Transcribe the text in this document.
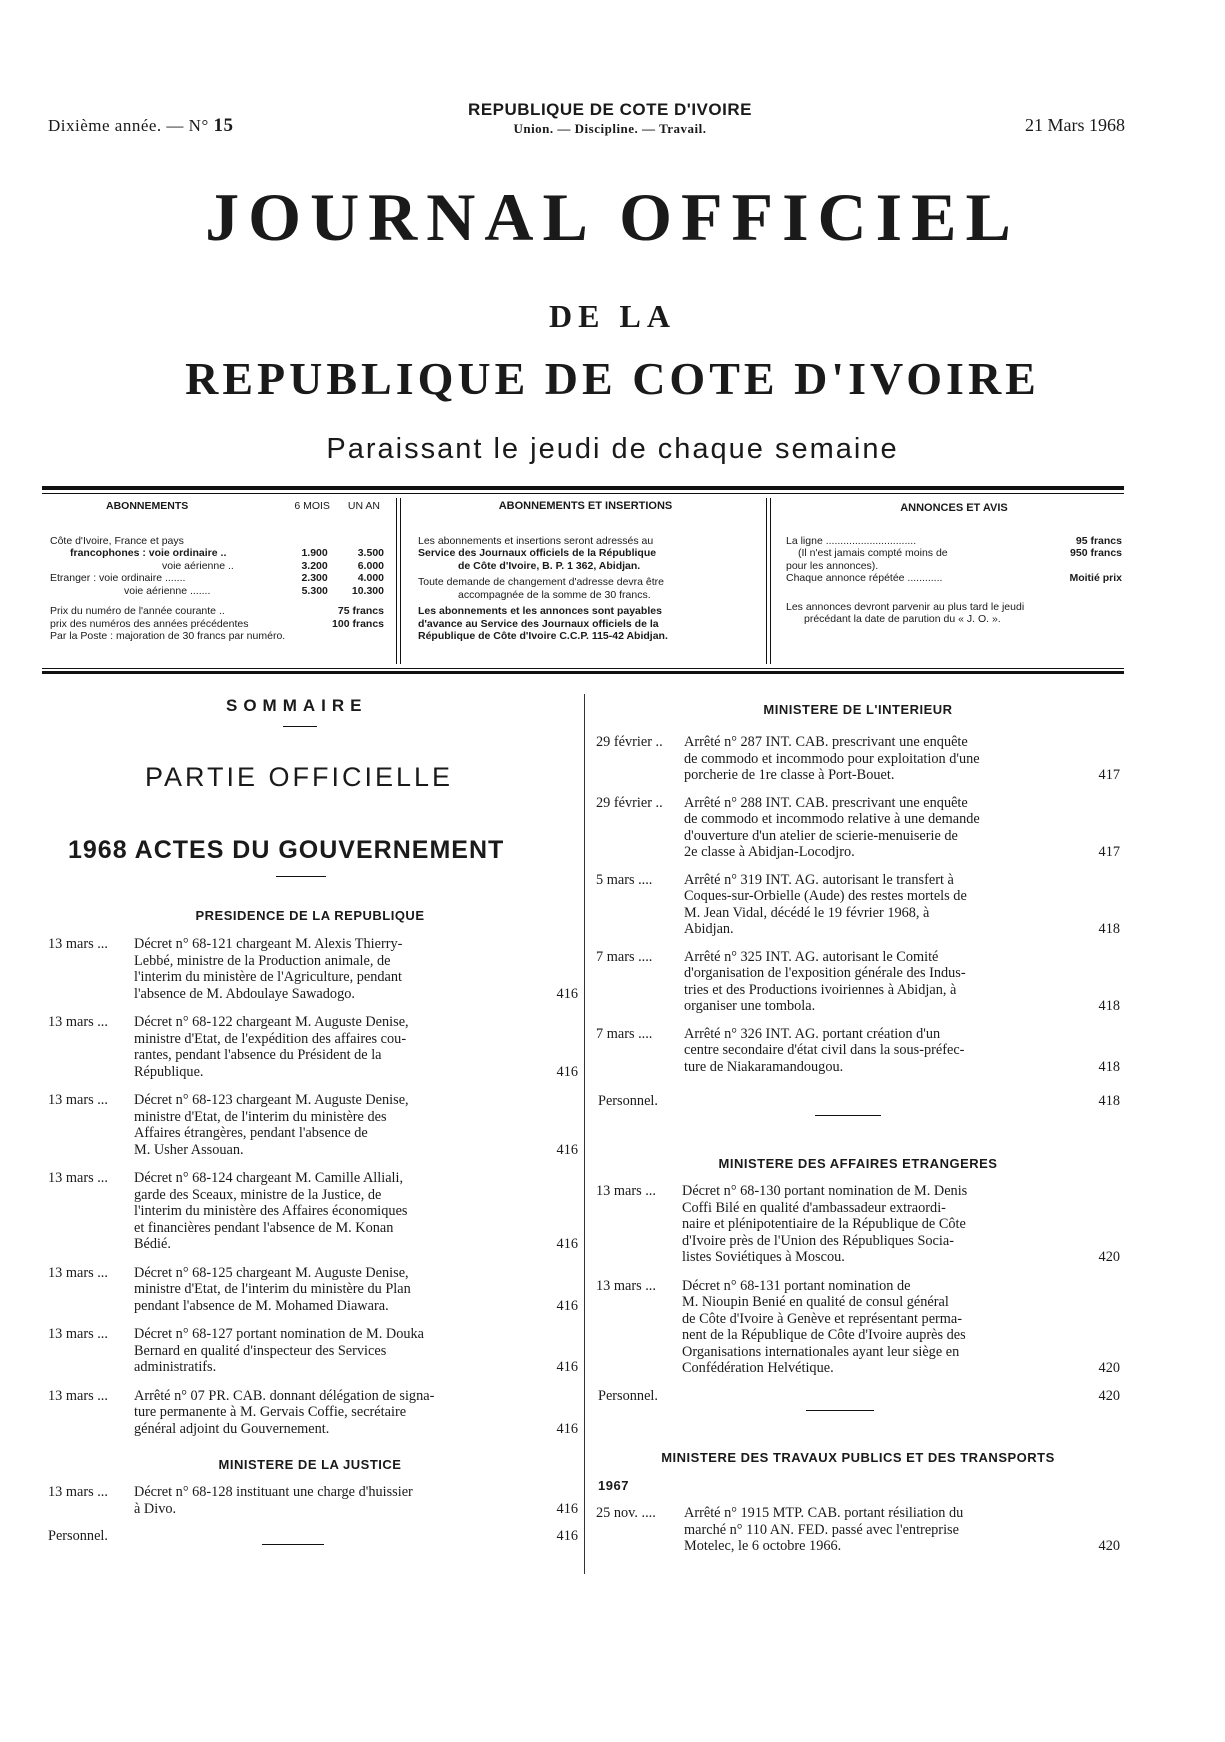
Dixième année. — N° 15
REPUBLIQUE DE COTE D'IVOIRE
Union. — Discipline. — Travail.	21 Mars 1968
JOURNAL OFFICIEL
DE LA
REPUBLIQUE DE COTE D'IVOIRE
Paraissant le jeudi de chaque semaine
ABONNEMENTS	6 MOIS UN AN
Côte d'Ivoire, France et pays
francophones : voie ordinaire ..	1.900	3.500
voie aérienne ..	3.200	6.000
Etranger : voie ordinaire .......	2.300	4.000
voie aérienne .......	5.300 10.300
Prix du numéro de l'année courante ..	75 francs
prix des numéros des années précédentes	100 francs
Par la Poste : majoration de 30 francs par numéro.
ABONNEMENTS ET INSERTIONS
Les abonnements et insertions seront adressés au
Service des Journaux officiels de la République
de Côte d'Ivoire, B. P. 1 362, Abidjan.
Toute demande de changement d'adresse devra être
accompagnée de la somme de 30 francs.
Les abonnements et les annonces sont payables
d'avance au Service des Journaux officiels de la
République de Côte d'Ivoire C.C.P. 115-42 Abidjan.
ANNONCES ET AVIS
La ligne ...............................	95 francs
(Il n'est jamais compté moins de	950 francs
pour les annonces).
Chaque annonce répétée ............	Moitié prix
Les annonces devront parvenir au plus tard le jeudi
précédant la date de parution du « J. O. ».
SOMMAIRE
PARTIE OFFICIELLE
1968 ACTES DU GOUVERNEMENT
PRESIDENCE DE LA REPUBLIQUE
13 mars ... Décret n° 68-121 chargeant M. Alexis Thierry-
Lebbé, ministre de la Production animale, de
l'interim du ministère de l'Agriculture, pendant
l'absence de M. Abdoulaye Sawadogo.	416
13 mars ... Décret n° 68-122 chargeant M. Auguste Denise,
ministre d'Etat, de l'expédition des affaires cou-
rantes, pendant l'absence du Président de la
République.	416
13 mars ... Décret n° 68-123 chargeant M. Auguste Denise,
ministre d'Etat, de l'interim du ministère des
Affaires étrangères, pendant l'absence de
M. Usher Assouan.	416
13 mars ... Décret n° 68-124 chargeant M. Camille Alliali,
garde des Sceaux, ministre de la Justice, de
l'interim du ministère des Affaires économiques
et financières pendant l'absence de M. Konan
Bédié.	416
13 mars ... Décret n° 68-125 chargeant M. Auguste Denise,
ministre d'Etat, de l'interim du ministère du Plan
pendant l'absence de M. Mohamed Diawara.	416
13 mars ... Décret n° 68-127 portant nomination de M. Douka
Bernard en qualité d'inspecteur des Services
administratifs.	416
13 mars ... Arrêté n° 07 PR. CAB. donnant délégation de signa-
ture permanente à M. Gervais Coffie, secrétaire
général adjoint du Gouvernement.	416
MINISTERE DE LA JUSTICE
13 mars ... Décret n° 68-128 instituant une charge d'huissier
à Divo.	416
Personnel.	416
MINISTERE DE L'INTERIEUR
29 février .. Arrêté n° 287 INT. CAB. prescrivant une enquête
de commodo et incommodo pour exploitation d'une
porcherie de 1re classe à Port-Bouet.	417
29 février .. Arrêté n° 288 INT. CAB. prescrivant une enquête
de commodo et incommodo relative à une demande
d'ouverture d'un atelier de scierie-menuiserie de
2e classe à Abidjan-Locodjro.	417
5 mars .... Arrêté n° 319 INT. AG. autorisant le transfert à
Coques-sur-Orbielle (Aude) des restes mortels de
M. Jean Vidal, décédé le 19 février 1968, à
Abidjan.	418
7 mars .... Arrêté n° 325 INT. AG. autorisant le Comité
d'organisation de l'exposition générale des Indus-
tries et des Productions ivoiriennes à Abidjan, à
organiser une tombola.	418
7 mars .... Arrêté n° 326 INT. AG. portant création d'un
centre secondaire d'état civil dans la sous-préfec-
ture de Niakaramandougou.	418
Personnel.	418
MINISTERE DES AFFAIRES ETRANGERES
13 mars ... Décret n° 68-130 portant nomination de M. Denis
Coffi Bilé en qualité d'ambassadeur extraordi-
naire et plénipotentiaire de la République de Côte
d'Ivoire près de l'Union des Républiques Socia-
listes Soviétiques à Moscou.	420
13 mars ... Décret n° 68-131 portant nomination de
M. Nioupin Benié en qualité de consul général
de Côte d'Ivoire à Genève et représentant perma-
nent de la République de Côte d'Ivoire auprès des
Organisations internationales ayant leur siège en
Confédération Helvétique.	420
Personnel.	420
MINISTERE DES TRAVAUX PUBLICS ET DES TRANSPORTS
1967
25 nov. .... Arrêté n° 1915 MTP. CAB. portant résiliation du
marché n° 110 AN. FED. passé avec l'entreprise
Motelec, le 6 octobre 1966.	420
